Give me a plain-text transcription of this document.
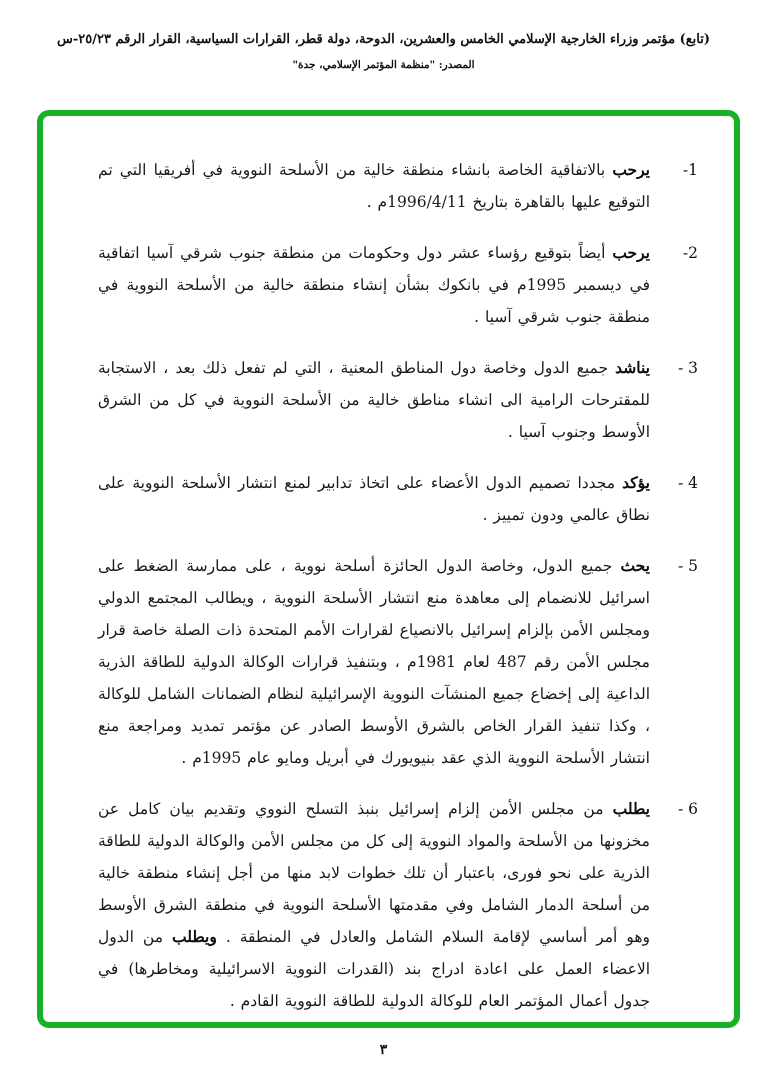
(تابع) مؤتمر وزراء الخارجية الإسلامي الخامس والعشرين، الدوحة، دولة قطر، القرارات السياسية، القرار الرقم ٢٥/٢٣-س
المصدر: "منظمة المؤتمر الإسلامي، جدة"
1-
يرحب بالاتفاقية الخاصة بانشاء منطقة خالية من الأسلحة النووية في أفريقيا التي تم التوقيع عليها بالقاهرة بتاريخ 1996/4/11م .
2-
يرحب أيضاً بتوقيع رؤساء عشر دول وحكومات من منطقة جنوب شرقي آسيا اتفاقية في ديسمبر 1995م في بانكوك بشأن إنشاء منطقة خالية من الأسلحة النووية في منطقة جنوب شرقي آسيا .
3 -
يناشد جميع الدول وخاصة دول المناطق المعنية ، التي لم تفعل ذلك بعد ، الاستجابة للمقترحات الرامية الى انشاء مناطق خالية من الأسلحة النووية في كل من الشرق الأوسط وجنوب آسيا .
4 -
يؤكد مجددا تصميم الدول الأعضاء على اتخاذ تدابير لمنع انتشار الأسلحة النووية على نطاق عالمي ودون تمييز .
5 -
يحث جميع الدول، وخاصة الدول الحائزة أسلحة نووية ، على ممارسة الضغط على اسرائيل للانضمام إلى معاهدة منع انتشار الأسلحة النووية ، ويطالب المجتمع الدولي ومجلس الأمن بإلزام إسرائيل بالانصياع لقرارات الأمم المتحدة ذات الصلة خاصة قرار مجلس الأمن رقم 487 لعام 1981م ، وبتنفيذ قرارات الوكالة الدولية للطاقة الذرية الداعية إلى إخضاع جميع المنشآت النووية الإسرائيلية لنظام الضمانات الشامل للوكالة ، وكذا تنفيذ القرار الخاص بالشرق الأوسط الصادر عن مؤتمر تمديد ومراجعة منع انتشار الأسلحة النووية الذي عقد بنيويورك في أبريل ومايو عام 1995م .
6 -
يطلب من مجلس الأمن إلزام إسرائيل بنبذ التسلح النووي وتقديم بيان كامل عن مخزونها من الأسلحة والمواد النووية إلى كل من مجلس الأمن والوكالة الدولية للطاقة الذرية على نحو فورى، باعتبار أن تلك خطوات لابد منها من أجل إنشاء منطقة خالية من أسلحة الدمار الشامل وفي مقدمتها الأسلحة النووية في منطقة الشرق الأوسط وهو أمر أساسي لإقامة السلام الشامل والعادل في المنطقة . ويطلب من الدول الاعضاء العمل على اعادة ادراج بند (القدرات النووية الاسرائيلية ومخاطرها) في جدول أعمال المؤتمر العام للوكالة الدولية للطاقة النووية القادم .
٣
